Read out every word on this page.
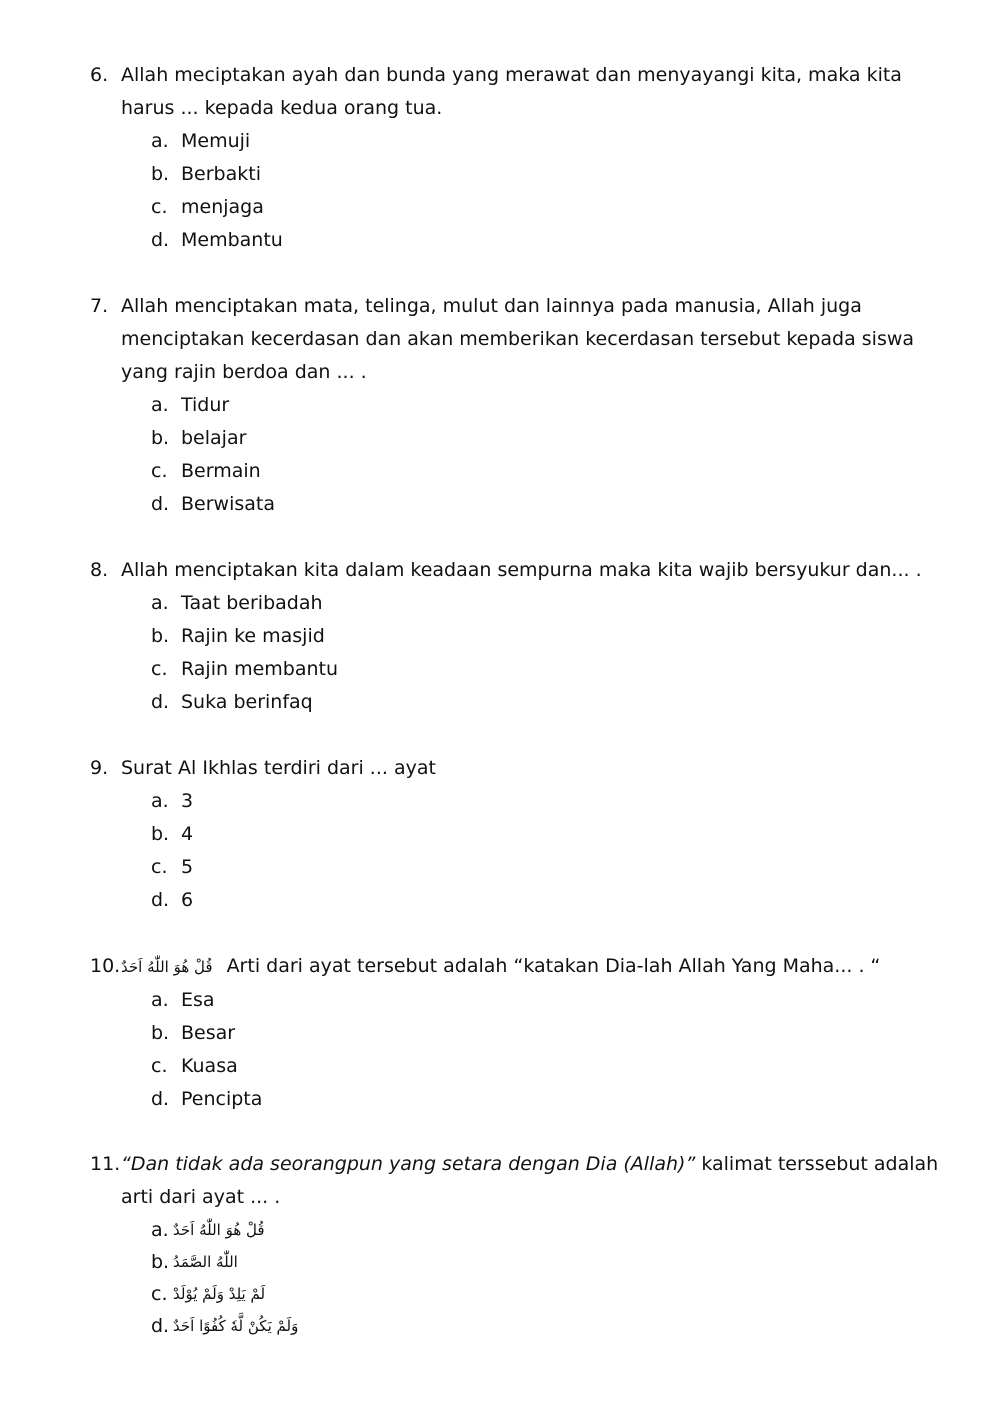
6. Allah meciptakan ayah dan bunda yang merawat dan menyayangi kita, maka kita harus ... kepada kedua orang tua.
a. Memuji
b. Berbakti
c. menjaga
d. Membantu
7. Allah menciptakan mata, telinga, mulut dan lainnya pada manusia, Allah juga menciptakan kecerdasan dan akan memberikan kecerdasan tersebut kepada siswa yang rajin berdoa dan ... .
a. Tidur
b. belajar
c. Bermain
d. Berwisata
8. Allah menciptakan kita dalam keadaan sempurna maka kita wajib bersyukur dan... .
a. Taat beribadah
b. Rajin ke masjid
c. Rajin membantu
d. Suka berinfaq
9. Surat Al Ikhlas terdiri dari ... ayat
a. 3
b. 4
c. 5
d. 6
10. قُلْ هُوَ اللّٰهُ اَحَدٌ Arti dari ayat tersebut adalah “katakan Dia-lah Allah Yang Maha... . “
a. Esa
b. Besar
c. Kuasa
d. Pencipta
11. “Dan tidak ada seorangpun yang setara dengan Dia (Allah)” kalimat terssebut adalah arti dari ayat ... .
a. قُلْ هُوَ اللّٰهُ اَحَدٌ
b. اللّٰهُ الصَّمَدُ
c. لَمْ يَلِدْ وَلَمْ يُوْلَدْ
d. وَلَمْ يَكُنْ لَّهٗ كُفُوًا اَحَدٌ
